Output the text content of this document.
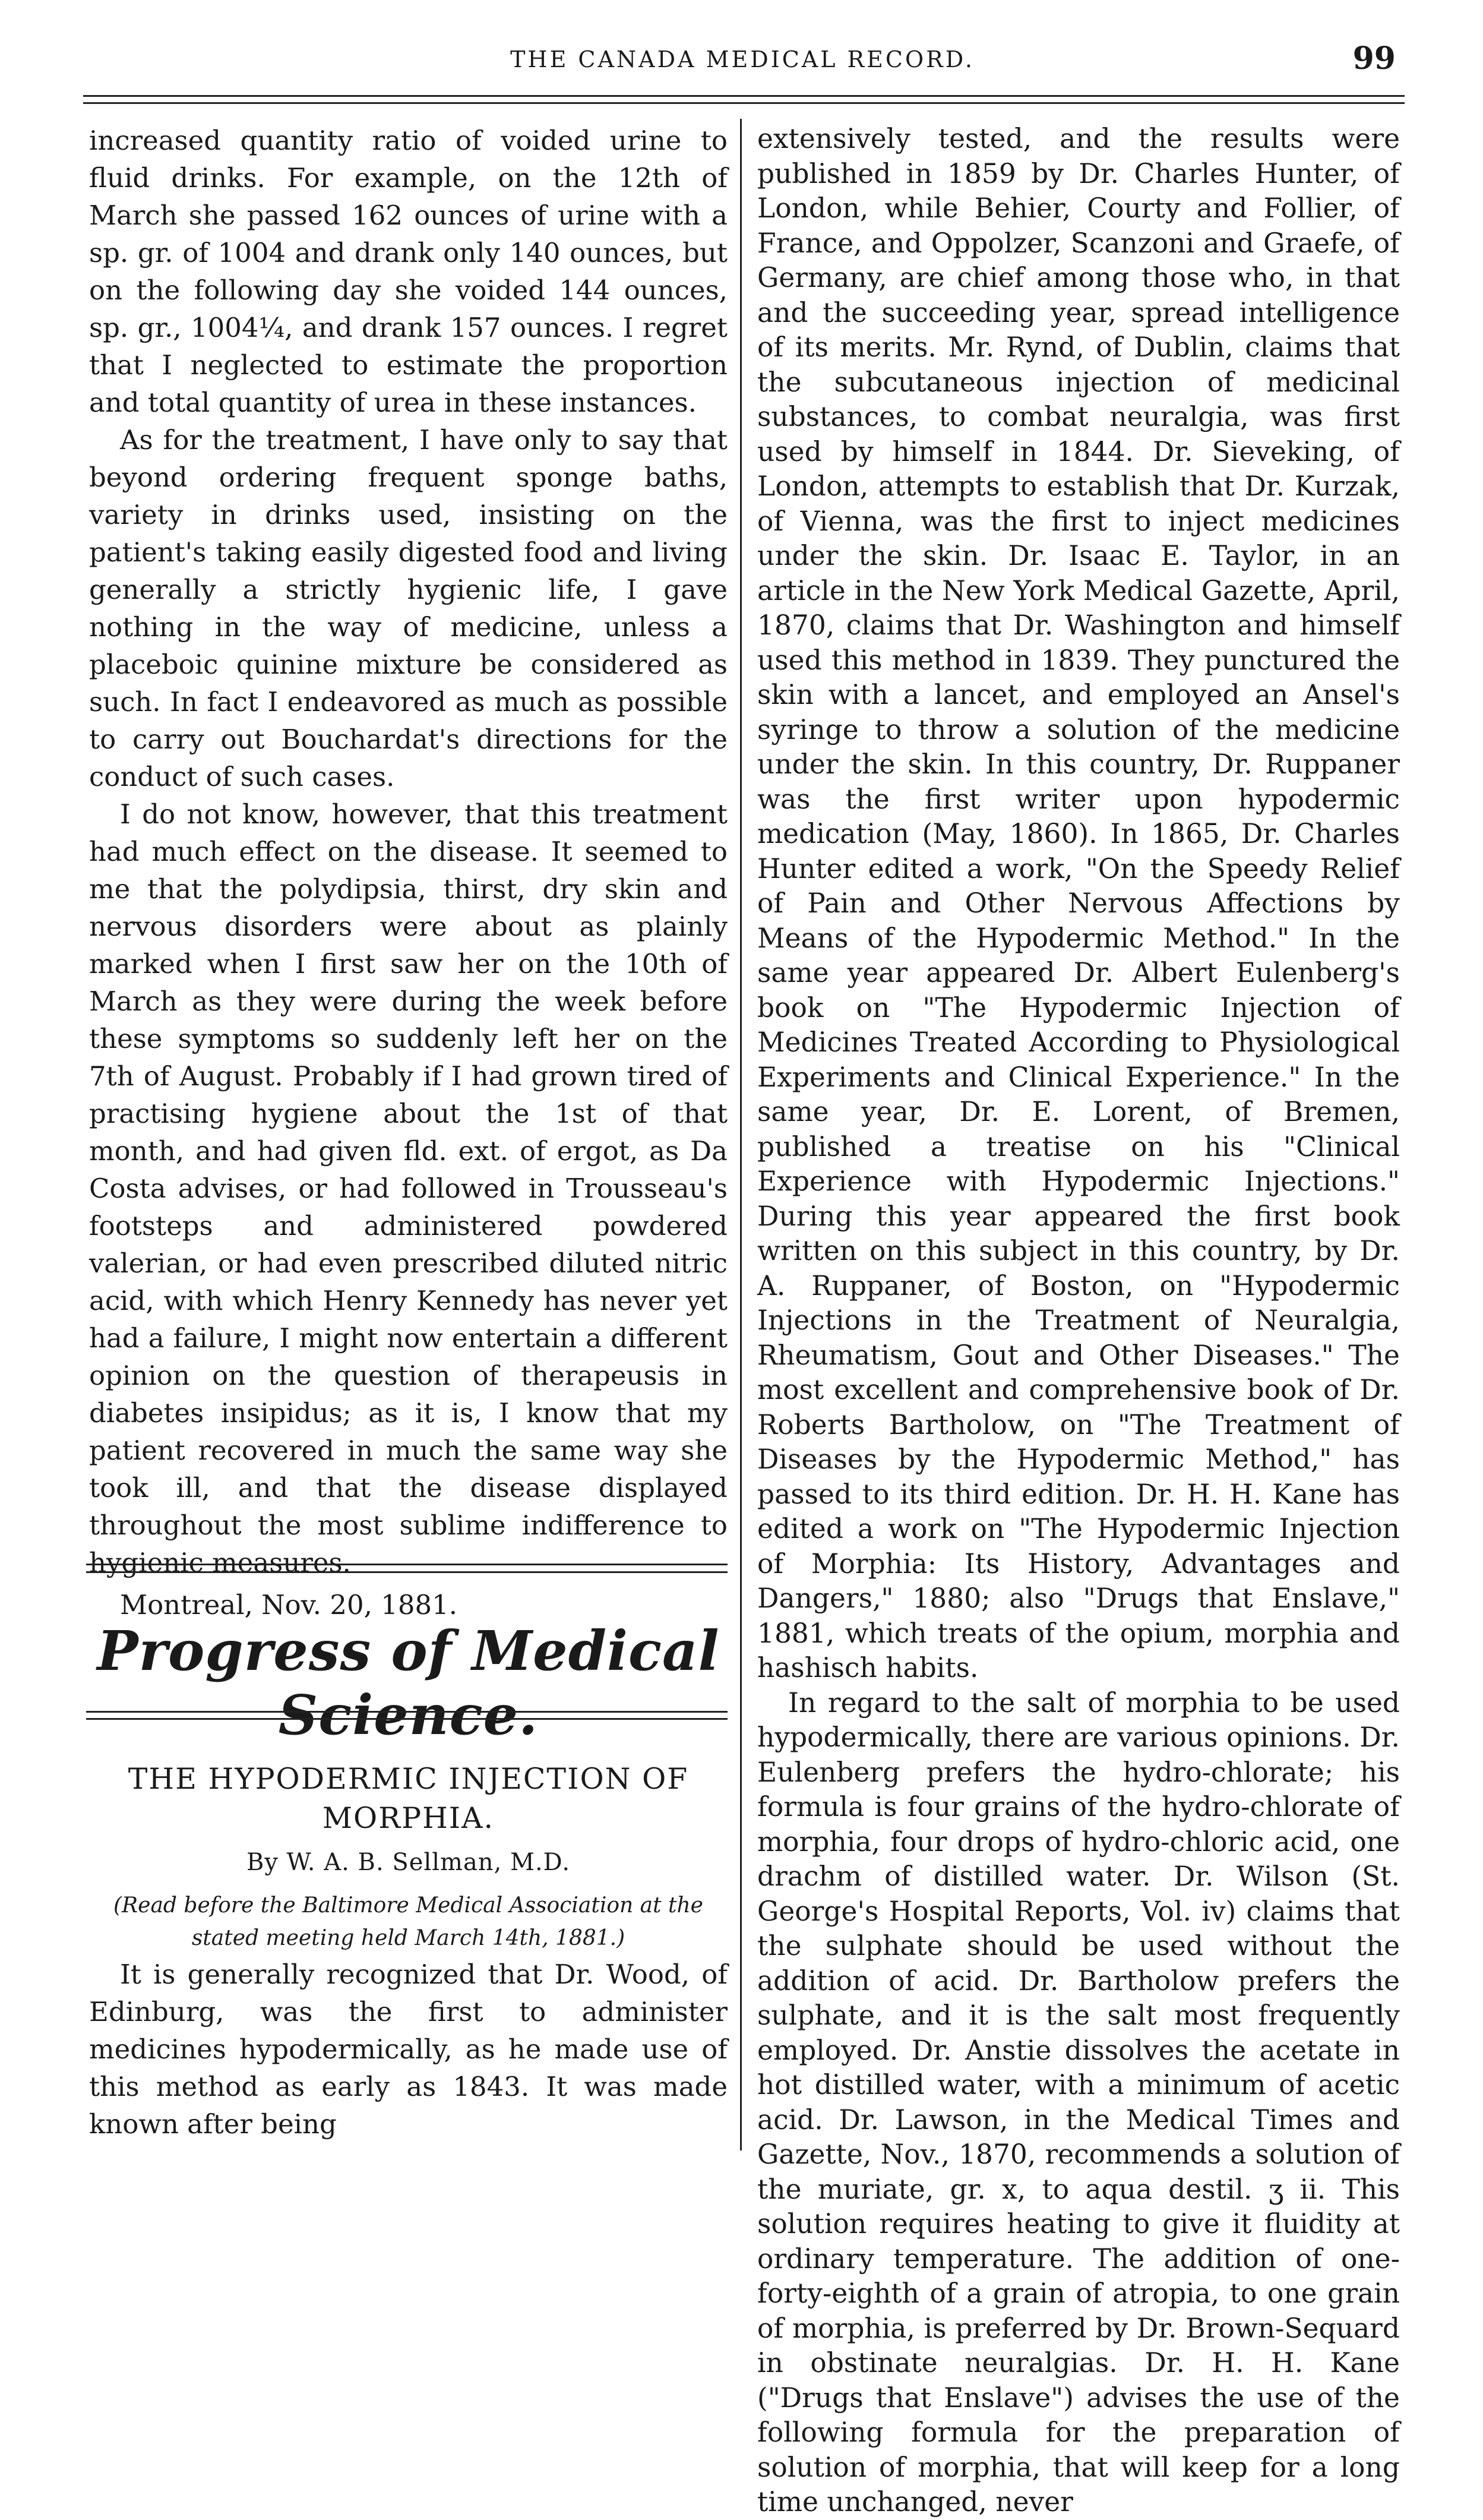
THE CANADA MEDICAL RECORD.	99

increased quantity ratio of voided urine to fluid drinks. For example, on the 12th of March she passed 162 ounces of urine with a sp. gr. of 1004 and drank only 140 ounces, but on the following day she voided 144 ounces, sp. gr., 1004¼, and drank 157 ounces. I regret that I neglected to estimate the proportion and total quantity of urea in these instances.

As for the treatment, I have only to say that beyond ordering frequent sponge baths, variety in drinks used, insisting on the patient's taking easily digested food and living generally a strictly hygienic life, I gave nothing in the way of medicine, unless a placeboic quinine mixture be considered as such. In fact I endeavored as much as possible to carry out Bouchardat's directions for the conduct of such cases.

I do not know, however, that this treatment had much effect on the disease. It seemed to me that the polydipsia, thirst, dry skin and nervous disorders were about as plainly marked when I first saw her on the 10th of March as they were during the week before these symptoms so suddenly left her on the 7th of August. Probably if I had grown tired of practising hygiene about the 1st of that month, and had given fld. ext. of ergot, as Da Costa advises, or had followed in Trousseau's footsteps and administered powdered valerian, or had even prescribed diluted nitric acid, with which Henry Kennedy has never yet had a failure, I might now entertain a different opinion on the question of therapeusis in diabetes insipidus; as it is, I know that my patient recovered in much the same way she took ill, and that the disease displayed throughout the most sublime indifference to hygienic measures.

Montreal, Nov. 20, 1881.

Progress of Medical Science.
THE HYPODERMIC INJECTION OF MORPHIA.
By W. A. B. Sellman, M.D.
(Read before the Baltimore Medical Association at the stated meeting held March 14th, 1881.)

It is generally recognized that Dr. Wood, of Edinburg, was the first to administer medicines hypodermically, as he made use of this method as early as 1843. It was made known after being

extensively tested, and the results were published in 1859 by Dr. Charles Hunter, of London, while Behier, Courty and Follier, of France, and Oppolzer, Scanzoni and Graefe, of Germany, are chief among those who, in that and the succeeding year, spread intelligence of its merits. Mr. Rynd, of Dublin, claims that the subcutaneous injection of medicinal substances, to combat neuralgia, was first used by himself in 1844. Dr. Sieveking, of London, attempts to establish that Dr. Kurzak, of Vienna, was the first to inject medicines under the skin. Dr. Isaac E. Taylor, in an article in the New York Medical Gazette, April, 1870, claims that Dr. Washington and himself used this method in 1839. They punctured the skin with a lancet, and employed an Ansel's syringe to throw a solution of the medicine under the skin. In this country, Dr. Ruppaner was the first writer upon hypodermic medication (May, 1860). In 1865, Dr. Charles Hunter edited a work, "On the Speedy Relief of Pain and Other Nervous Affections by Means of the Hypodermic Method." In the same year appeared Dr. Albert Eulenberg's book on "The Hypodermic Injection of Medicines Treated According to Physiological Experiments and Clinical Experience." In the same year, Dr. E. Lorent, of Bremen, published a treatise on his "Clinical Experience with Hypodermic Injections." During this year appeared the first book written on this subject in this country, by Dr. A. Ruppaner, of Boston, on "Hypodermic Injections in the Treatment of Neuralgia, Rheumatism, Gout and Other Diseases." The most excellent and comprehensive book of Dr. Roberts Bartholow, on "The Treatment of Diseases by the Hypodermic Method," has passed to its third edition. Dr. H. H. Kane has edited a work on "The Hypodermic Injection of Morphia: Its History, Advantages and Dangers," 1880; also "Drugs that Enslave," 1881, which treats of the opium, morphia and hashisch habits.

In regard to the salt of morphia to be used hypodermically, there are various opinions. Dr. Eulenberg prefers the hydro-chlorate; his formula is four grains of the hydro-chlorate of morphia, four drops of hydro-chloric acid, one drachm of distilled water. Dr. Wilson (St. George's Hospital Reports, Vol. iv) claims that the sulphate should be used without the addition of acid. Dr. Bartholow prefers the sulphate, and it is the salt most frequently employed. Dr. Anstie dissolves the acetate in hot distilled water, with a minimum of acetic acid. Dr. Lawson, in the Medical Times and Gazette, Nov., 1870, recommends a solution of the muriate, gr. x, to aqua destil. ʒ ii. This solution requires heating to give it fluidity at ordinary temperature. The addition of one-forty-eighth of a grain of atropia, to one grain of morphia, is preferred by Dr. Brown-Sequard in obstinate neuralgias. Dr. H. H. Kane ("Drugs that Enslave") advises the use of the following formula for the preparation of solution of morphia, that will keep for a long time unchanged, never
